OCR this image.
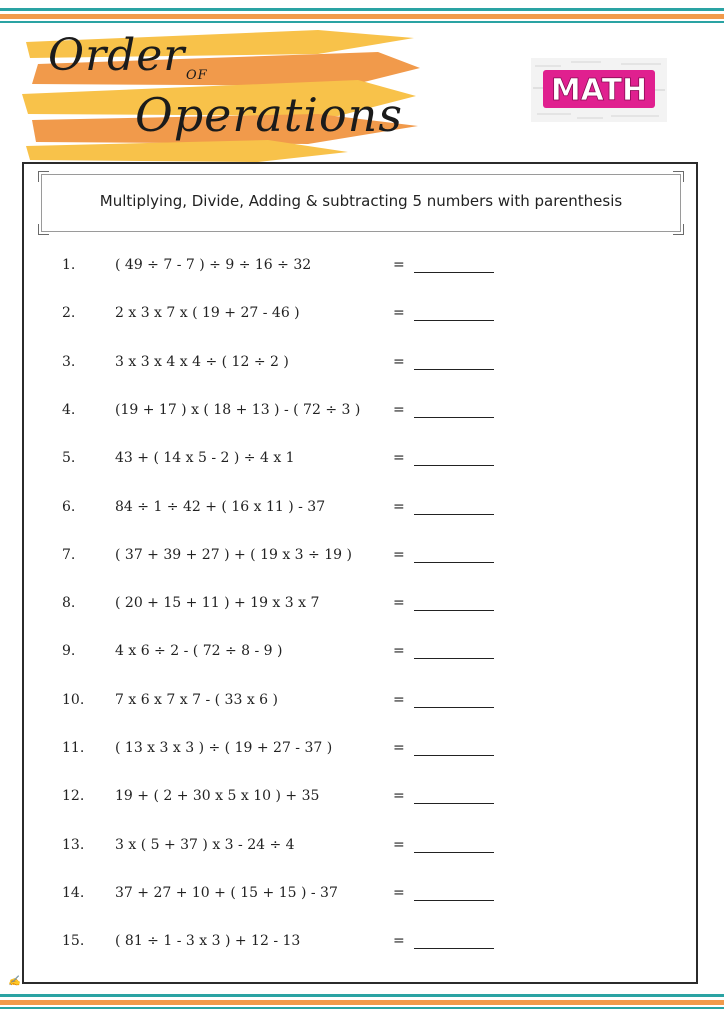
Order OF
Operations	MATH
Multiplying, Divide, Adding & subtracting 5 numbers with parenthesis
1.	( 49 ÷ 7 - 7 ) ÷ 9 ÷ 16 ÷ 32	=
2.	2 x 3 x 7 x ( 19 + 27 - 46 )	=
3.	3 x 3 x 4 x 4 ÷ ( 12 ÷ 2 )	=
4.	(19 + 17 ) x ( 18 + 13 ) - ( 72 ÷ 3 ) =
5.	43 + ( 14 x 5 - 2 ) ÷ 4 x 1	=
6.	84 ÷ 1 ÷ 42 + ( 16 x 11 ) - 37	=
7.	( 37 + 39 + 27 ) + ( 19 x 3 ÷ 19 )	=
8.	( 20 + 15 + 11 ) + 19 x 3 x 7	=
9.	4 x 6 ÷ 2 - ( 72 ÷ 8 - 9 )	=
10. 7 x 6 x 7 x 7 - ( 33 x 6 )	=
11. ( 13 x 3 x 3 ) ÷ ( 19 + 27 - 37 )	=
12. 19 + ( 2 + 30 x 5 x 10 ) + 35	=
13. 3 x ( 5 + 37 ) x 3 - 24 ÷ 4	=
14. 37 + 27 + 10 + ( 15 + 15 ) - 37	=
15. ( 81 ÷ 1 - 3 x 3 ) + 12 - 13	=
✍
